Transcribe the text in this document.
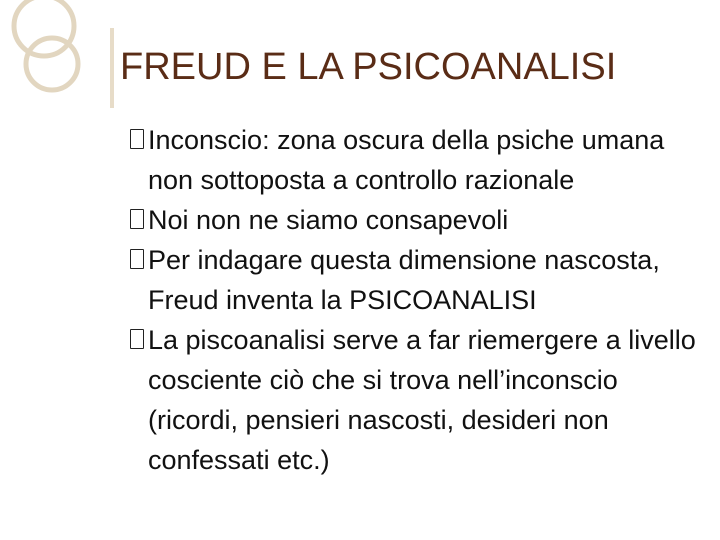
FREUD E LA PSICOANALISI
Inconscio: zona oscura della psiche umana non sottoposta a controllo razionale
Noi non ne siamo consapevoli
Per indagare questa dimensione nascosta, Freud inventa la PSICOANALISI
La piscoanalisi serve a far riemergere a livello cosciente ciò che si trova nell’inconscio (ricordi, pensieri nascosti, desideri non confessati etc.)
